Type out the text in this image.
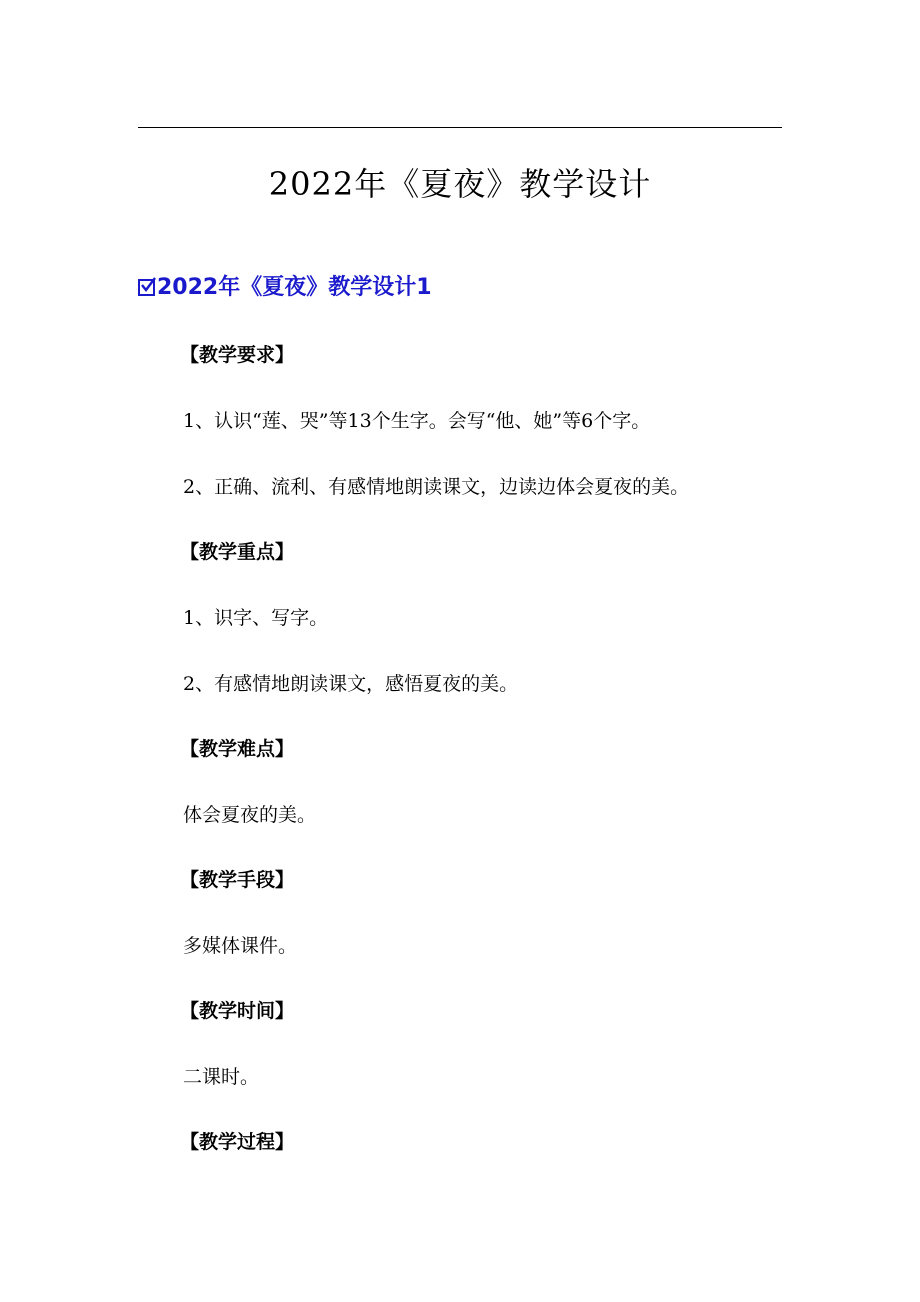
2022年《夏夜》教学设计
2022年《夏夜》教学设计1
【教学要求】
1、认识“莲、哭”等13个生字。会写“他、她”等6个字。
2、正确、流利、有感情地朗读课文，边读边体会夏夜的美。
【教学重点】
1、识字、写字。
2、有感情地朗读课文，感悟夏夜的美。
【教学难点】
体会夏夜的美。
【教学手段】
多媒体课件。
【教学时间】
二课时。
【教学过程】
